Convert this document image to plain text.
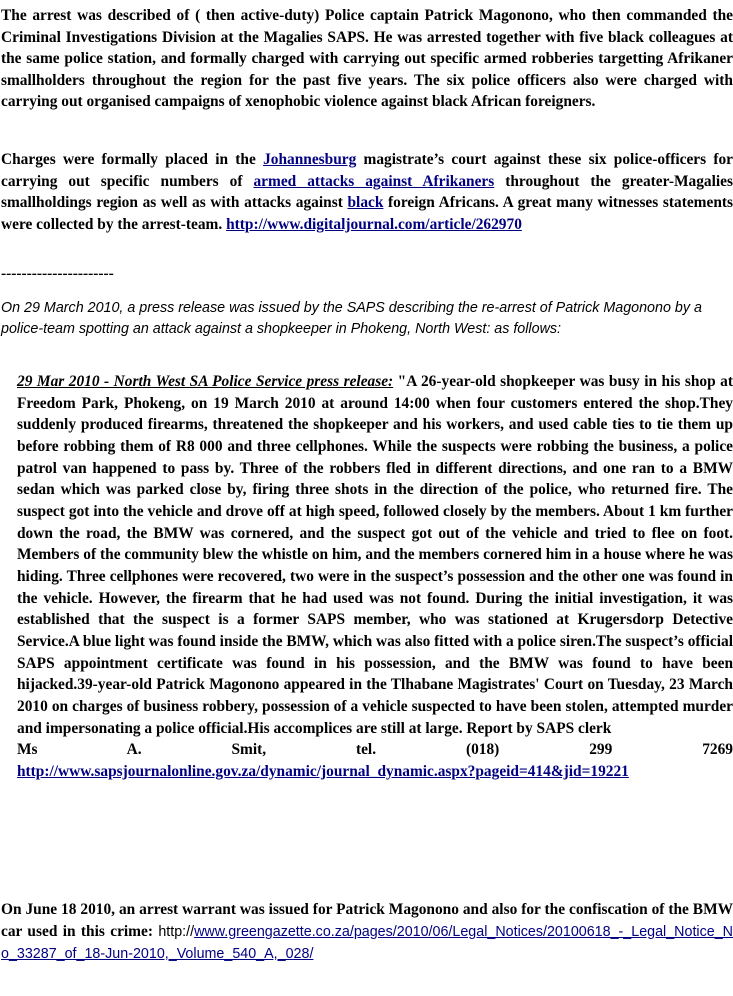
The arrest was described of ( then active-duty) Police captain Patrick Magonono, who then commanded the Criminal Investigations Division at the Magalies SAPS. He was arrested together with five black colleagues at the same police station, and formally charged with carrying out specific armed robberies targetting Afrikaner smallholders throughout the region for the past five years. The six police officers also were charged with carrying out organised campaigns of xenophobic violence against black African foreigners.

Charges were formally placed in the Johannesburg magistrate’s court against these six police-officers for carrying out specific numbers of armed attacks against Afrikaners throughout the greater-Magalies smallholdings region as well as with attacks against black foreign Africans. A great many witnesses statements were collected by the arrest-team. http://www.digitaljournal.com/article/262970

----------------------

On 29 March 2010, a press release was issued by the SAPS describing the re-arrest of Patrick Magonono by a police-team spotting an attack against a shopkeeper in Phokeng, North West: as follows:

29 Mar 2010 - North West SA Police Service press release: "A 26-year-old shopkeeper was busy in his shop at Freedom Park, Phokeng, on 19 March 2010 at around 14:00 when four customers entered the shop.They suddenly produced firearms, threatened the shopkeeper and his workers, and used cable ties to tie them up before robbing them of R8 000 and three cellphones. While the suspects were robbing the business, a police patrol van happened to pass by. Three of the robbers fled in different directions, and one ran to a BMW sedan which was parked close by, firing three shots in the direction of the police, who returned fire. The suspect got into the vehicle and drove off at high speed, followed closely by the members. About 1 km further down the road, the BMW was cornered, and the suspect got out of the vehicle and tried to flee on foot. Members of the community blew the whistle on him, and the members cornered him in a house where he was hiding. Three cellphones were recovered, two were in the suspect’s possession and the other one was found in the vehicle. However, the firearm that he had used was not found. During the initial investigation, it was established that the suspect is a former SAPS member, who was stationed at Krugersdorp Detective Service.A blue light was found inside the BMW, which was also fitted with a police siren.The suspect’s official SAPS appointment certificate was found in his possession, and the BMW was found to have been hijacked.39-year-old Patrick Magonono appeared in the Tlhabane Magistrates' Court on Tuesday, 23 March 2010 on charges of business robbery, possession of a vehicle suspected to have been stolen, attempted murder and impersonating a police official.His accomplices are still at large. Report by SAPS clerk
Ms A. Smit, tel. (018) 299 7269
http://www.sapsjournalonline.gov.za/dynamic/journal_dynamic.aspx?pageid=414&jid=19221

On June 18 2010, an arrest warrant was issued for Patrick Magonono and also for the confiscation of the BMW car used in this crime: http://www.greengazette.co.za/pages/2010/06/Legal_Notices/20100618_-_Legal_Notice_No_33287_of_18-Jun-2010,_Volume_540_A,_028/
